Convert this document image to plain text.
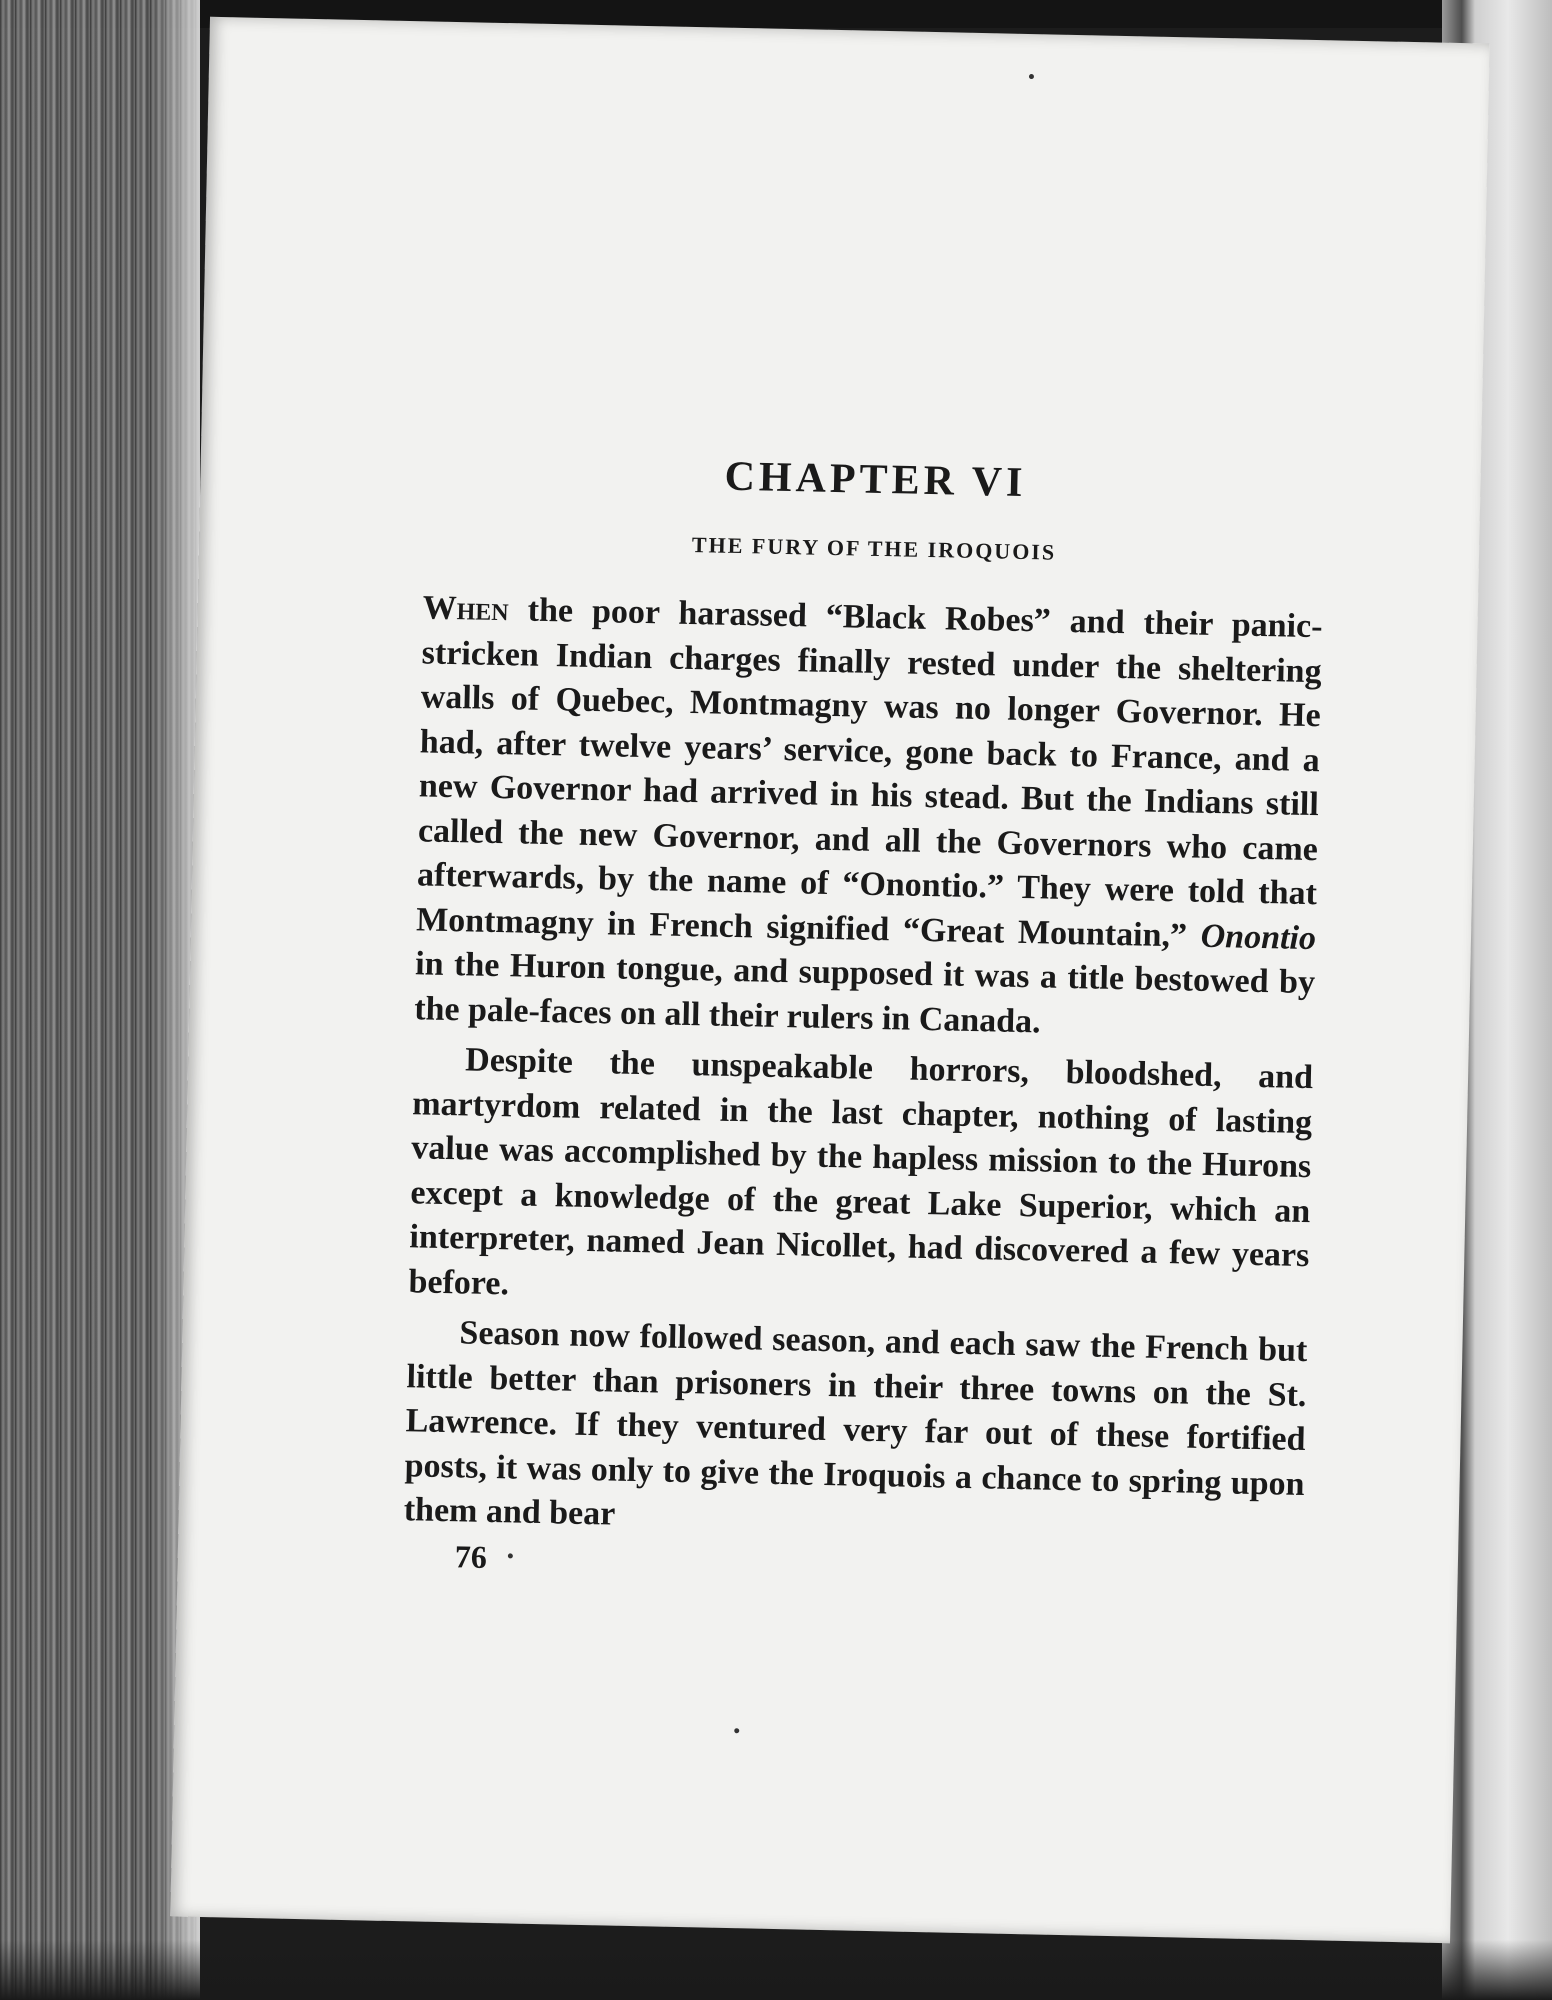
CHAPTER VI
THE FURY OF THE IROQUOIS

When the poor harassed “Black Robes” and their panic-stricken Indian charges finally rested under the sheltering walls of Quebec, Montmagny was no longer Governor. He had, after twelve years’ service, gone back to France, and a new Governor had arrived in his stead. But the Indians still called the new Governor, and all the Governors who came afterwards, by the name of “Onontio.” They were told that Montmagny in French signified “Great Mountain,” Onontio in the Huron tongue, and supposed it was a title bestowed by the pale-faces on all their rulers in Canada.

Despite the unspeakable horrors, bloodshed, and martyrdom related in the last chapter, nothing of lasting value was accomplished by the hapless mission to the Hurons except a knowledge of the great Lake Superior, which an interpreter, named Jean Nicollet, had discovered a few years before.

Season now followed season, and each saw the French but little better than prisoners in their three towns on the St. Lawrence. If they ventured very far out of these fortified posts, it was only to give the Iroquois a chance to spring upon them and bear

76
